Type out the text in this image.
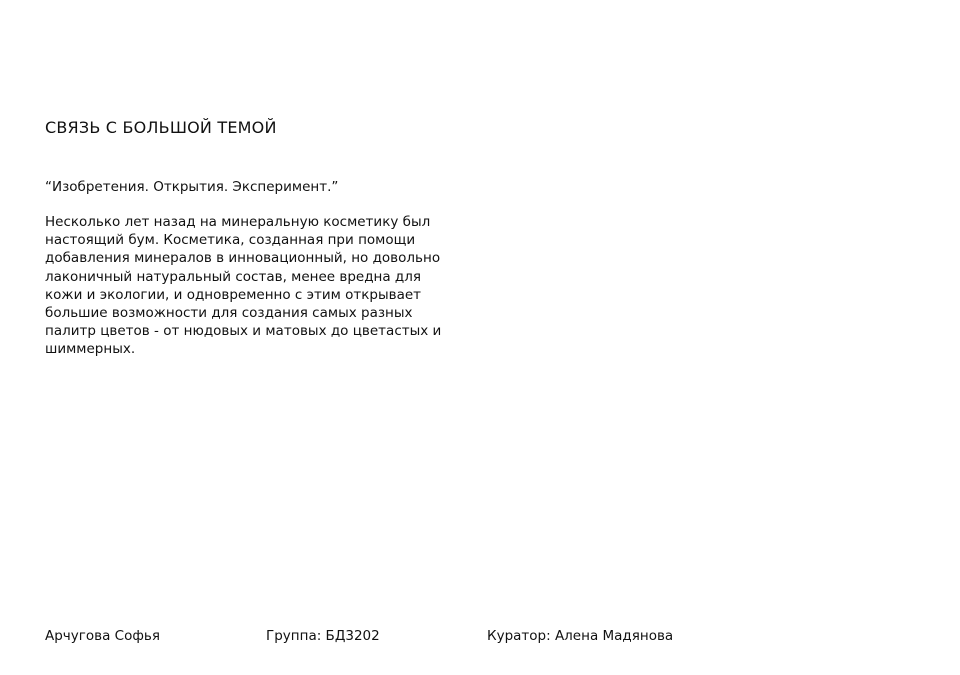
СВЯЗЬ С БОЛЬШОЙ ТЕМОЙ
“Изобретения. Открытия. Эксперимент.”
Несколько лет назад на минеральную косметику был
настоящий бум. Косметика, созданная при помощи
добавления минералов в инновационный, но довольно
лаконичный натуральный состав, менее вредна для
кожи и экологии, и одновременно с этим открывает
большие возможности для создания самых разных
палитр цветов - от нюдовых и матовых до цветастых и
шиммерных.
Арчугова Софья	Группа: БД3202	Куратор: Алена Мадянова
